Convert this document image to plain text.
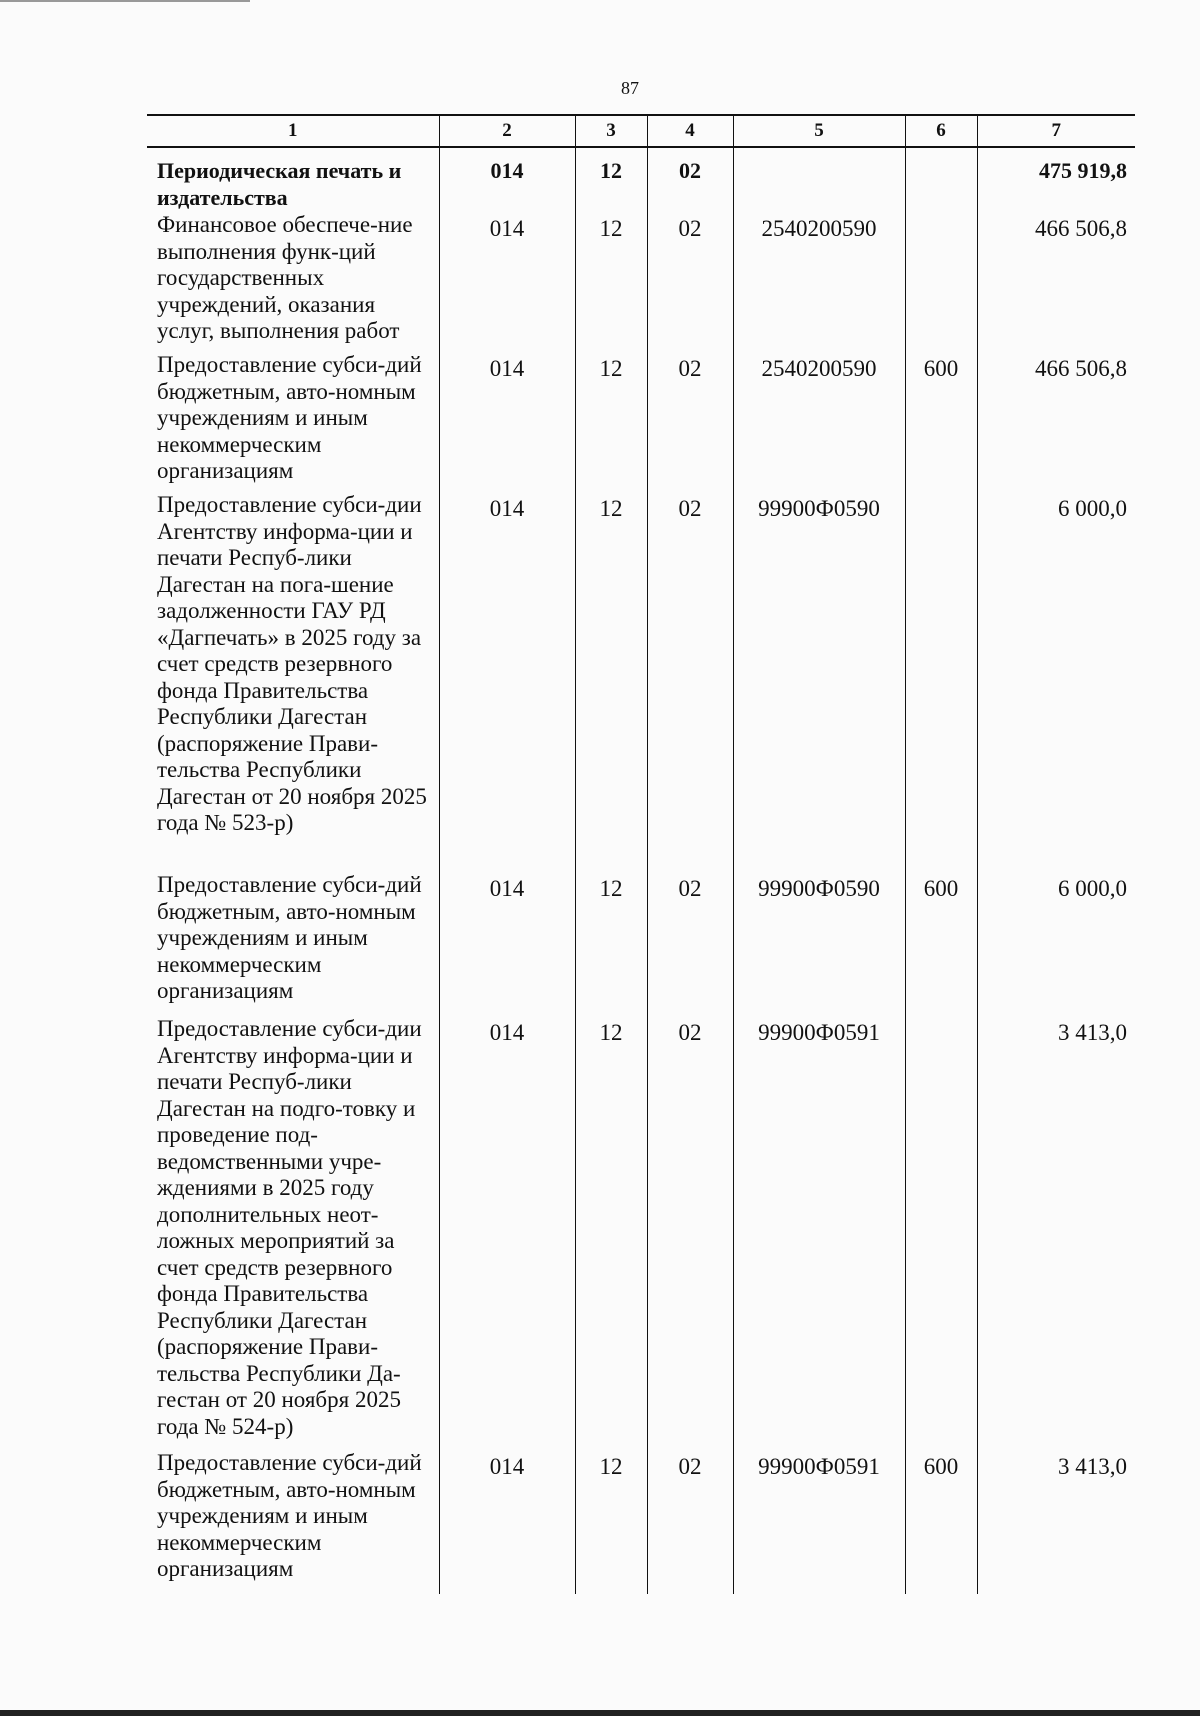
87
1	2	3	4	5	6	7
Периодическая печать и издательства	014	12	02			475 919,8
Финансовое обеспече-ние выполнения функ-ций государственных учреждений, оказания услуг, выполнения работ	014	12	02	2540200590		466 506,8
Предоставление субси-дий бюджетным, авто-номным учреждениям и иным некоммерческим организациям	014	12	02	2540200590	600	466 506,8
Предоставление субси-дии Агентству информа-ции и печати Респуб-лики Дагестан на пога-шение задолженности ГАУ РД «Дагпечать» в 2025 году за счет средств резервного фонда Правительства Республики Дагестан (распоряжение Прави-тельства Республики Дагестан от 20 ноября 2025 года № 523-р)	014	12	02	99900Ф0590		6 000,0
Предоставление субси-дий бюджетным, авто-номным учреждениям и иным некоммерческим организациям	014	12	02	99900Ф0590	600	6 000,0
Предоставление субси-дии Агентству информа-ции и печати Респуб-лики Дагестан на подго-товку и проведение под-ведомственными учре-ждениями в 2025 году дополнительных неот-ложных мероприятий за счет средств резервного фонда Правительства Республики Дагестан (распоряжение Прави-тельства Республики Да-гестан от 20 ноября 2025 года № 524-р)	014	12	02	99900Ф0591		3 413,0
Предоставление субси-дий бюджетным, авто-номным учреждениям и иным некоммерческим организациям	014	12	02	99900Ф0591	600	3 413,0
